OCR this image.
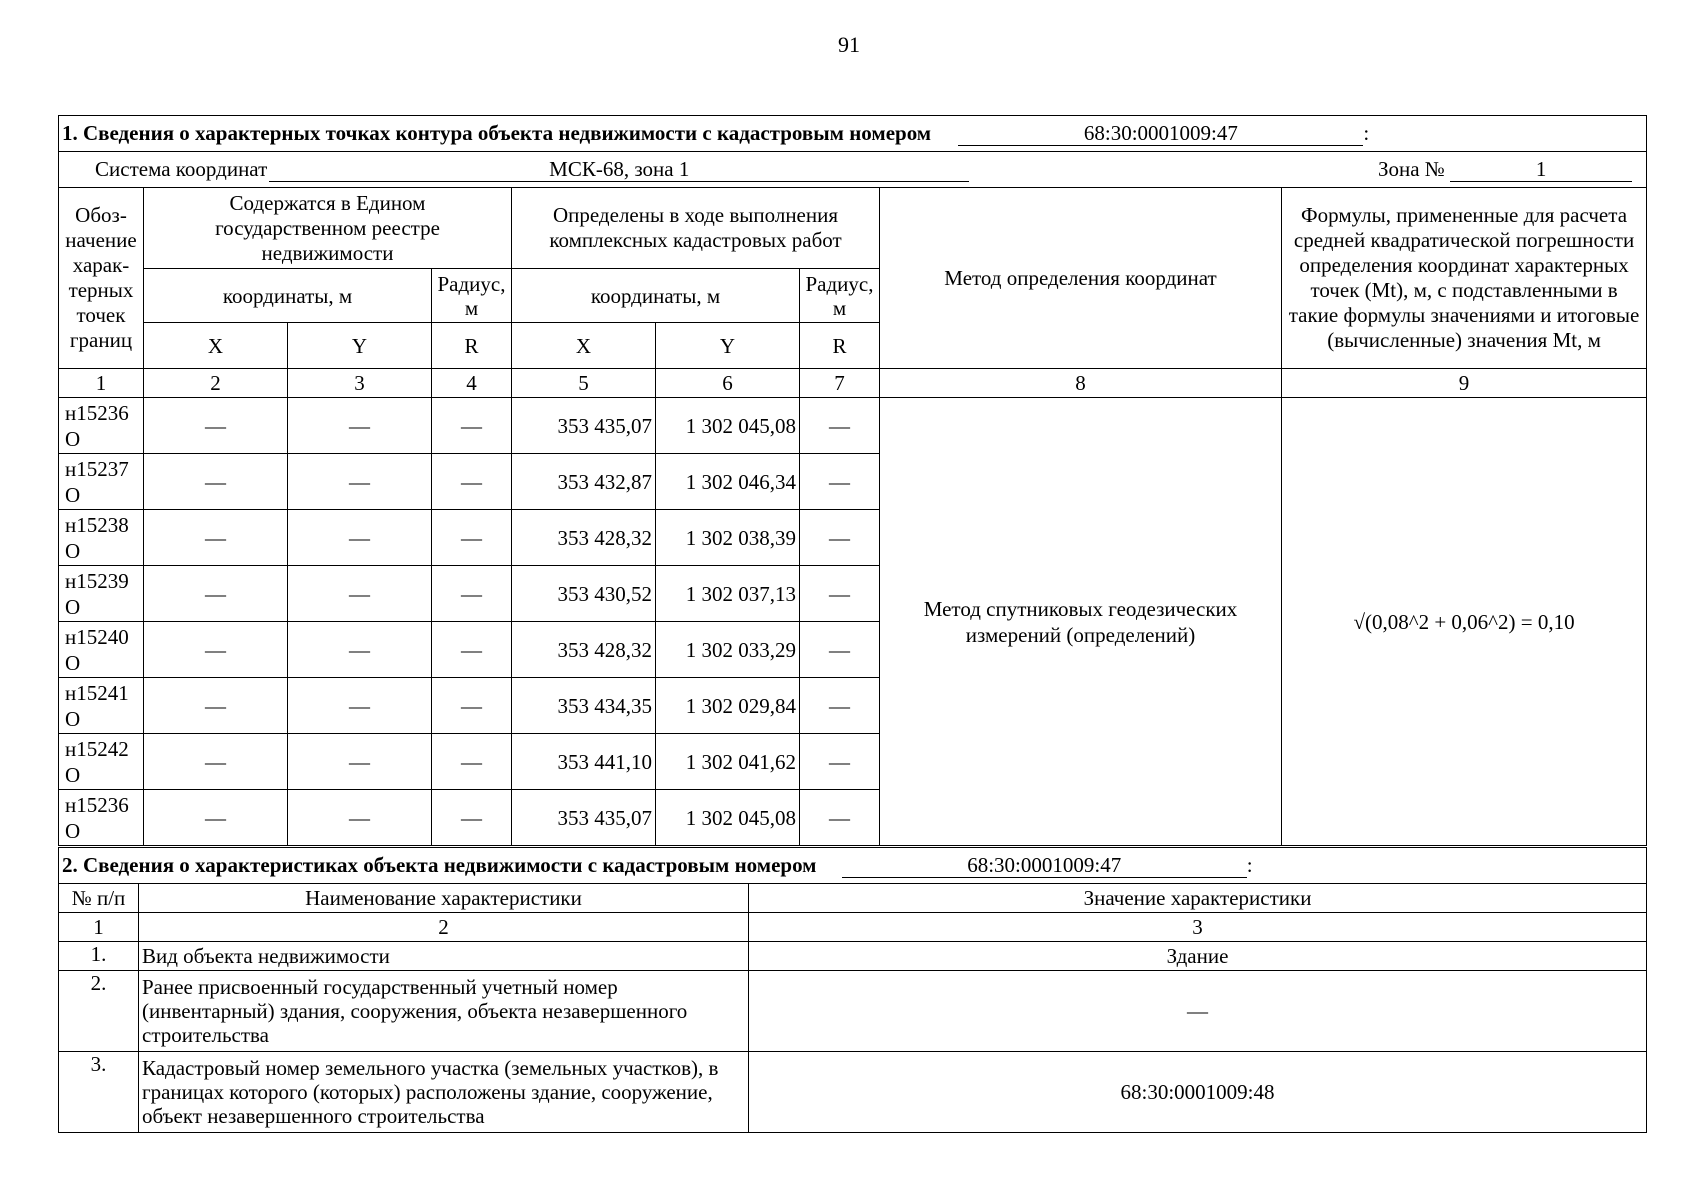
91
1. Сведения о характерных точках контура объекта недвижимости с кадастровым номером 68:30:0001009:47 :								
Система координат МСК-68, зона 1 Зона № 1								

Обоз-начение харак-терных точек границ	Содержатся в Едином государственном реестре недвижимости			Определены в ходе выполнения комплексных кадастровых работ			Метод определения координат	Формулы, примененные для расчета средней квадратической погрешности определения координат характерных точек (Mt), м, с подставленными в такие формулы значениями и итоговые (вычисленные) значения Mt, м
	координаты, м		Радиус, м	координаты, м		Радиус, м		
	X	Y	R	X	Y	R		
1	2	3	4	5	6	7	8	9
н15236 О	—	—	—	353 435,07	1 302 045,08	—	Метод спутниковых геодезических измерений (определений)	√(0,08^2 + 0,06^2) = 0,10
н15237 О	—	—	—	353 432,87	1 302 046,34	—		
н15238 О	—	—	—	353 428,32	1 302 038,39	—		
н15239 О	—	—	—	353 430,52	1 302 037,13	—		
н15240 О	—	—	—	353 428,32	1 302 033,29	—		
н15241 О	—	—	—	353 434,35	1 302 029,84	—		
н15242 О	—	—	—	353 441,10	1 302 041,62	—		
н15236 О	—	—	—	353 435,07	1 302 045,08	—		
2. Сведения о характеристиках объекта недвижимости с кадастровым номером 68:30:0001009:47 :		
№ п/п	Наименование характеристики	Значение характеристики
1	2	3
1.	Вид объекта недвижимости	Здание
2.	Ранее присвоенный государственный учетный номер (инвентарный) здания, сооружения, объекта незавершенного строительства	—
3.	Кадастровый номер земельного участка (земельных участков), в границах которого (которых) расположены здание, сооружение, объект незавершенного строительства	68:30:0001009:48
